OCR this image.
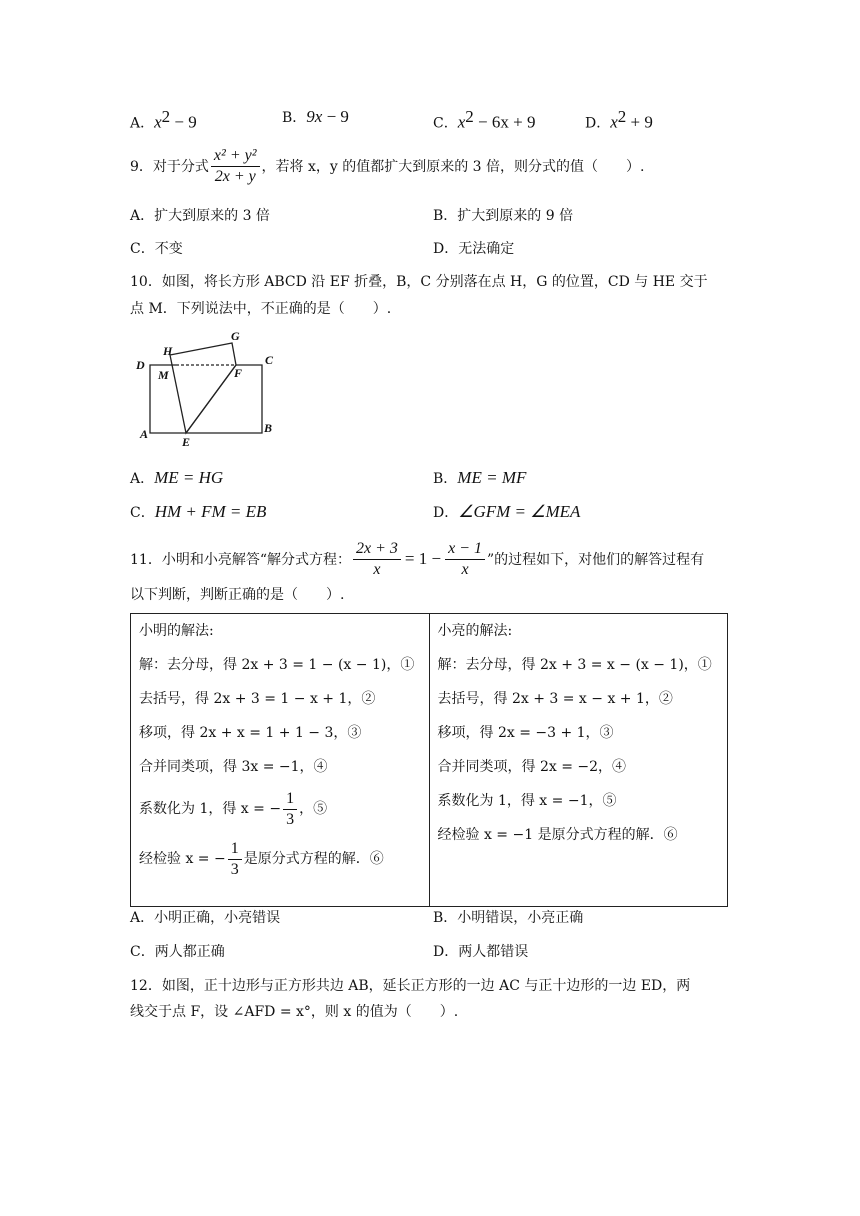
A．$x^2 - 9$	B．9x − 9	C．$x^2 - 6x + 9$	D．$x^2 + 9$
9．对于分式 $\frac{\text{x² + y²}}{2x + y}$ ，若将 x，y 的值都扩大到原来的 3 倍，则分式的值（　　）.
A．扩大到原来的 3 倍	B．扩大到原来的 9 倍
C．不变	D．无法确定
10．如图，将长方形 ABCD 沿 EF 折叠，B，C 分别落在点 H，G 的位置，CD 与 HE 交于
点 M．下列说法中，不正确的是（　　）.
H
G
D
M	F
C
A
E
B
A．ME = HG	B．ME = MF
C．HM + FM = EB	D．∠GFM = ∠MEA
11．小明和小亮解答“解分式方程： $\frac{2x + 3}{x} = 1 - \frac{x - 1}{x}$ ”的过程如下，对他们的解答过程有
以下判断，判断正确的是（　　）.
小明的解法:
解：去分母，得 2x + 3 = 1 − (x − 1)，①
去括号，得 2x + 3 = 1 − x + 1，②
移项，得 2x + x = 1 + 1 − 3，③
合并同类项，得 3x = −1，④
系数化为 1，得 x = − $\frac{1}{3}$ ，⑤
经检验 x = − $\frac{1}{3}$ 是原分式方程的解．⑥

小亮的解法:
解：去分母，得 2x + 3 = x − (x − 1)，①
去括号，得 2x + 3 = x − x + 1，②
移项，得 2x = −3 + 1，③
合并同类项，得 2x = −2，④
系数化为 1，得 x = −1，⑤
经检验 x = −1 是原分式方程的解．⑥
A．小明正确，小亮错误	B．小明错误，小亮正确
C．两人都正确	D．两人都错误
12．如图，正十边形与正方形共边 AB，延长正方形的一边 AC 与正十边形的一边 ED，两
线交于点 F，设 ∠AFD = x°，则 x 的值为（　　）.
